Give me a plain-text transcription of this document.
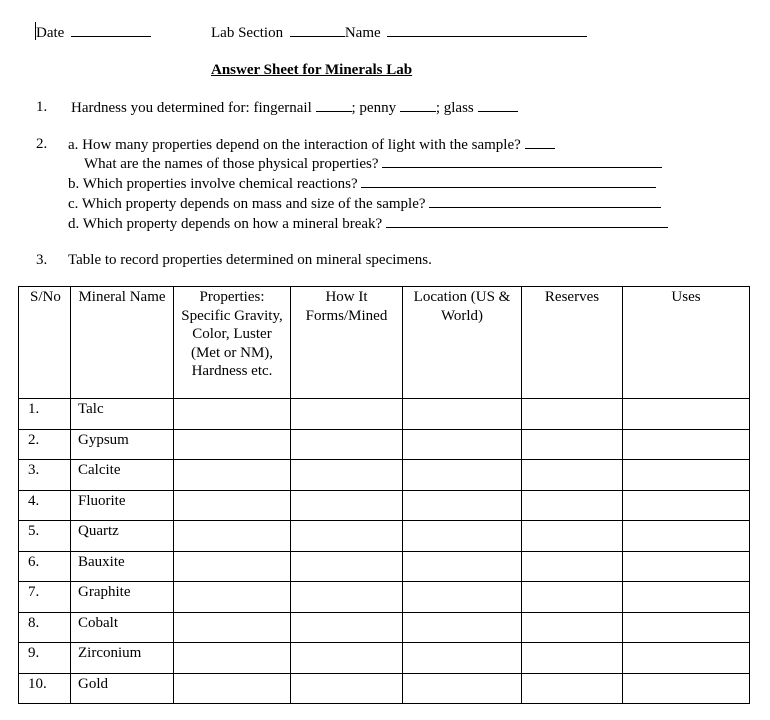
Date	Lab Section	Name
Answer Sheet for Minerals Lab
1. Hardness you determined for: fingernail	; penny	; glass
2. a. How many properties depend on the interaction of light with the sample?
What are the names of those physical properties?
b. Which properties involve chemical reactions?
c. Which property depends on mass and size of the sample?
d. Which property depends on how a mineral break?
3. Table to record properties determined on mineral specimens.
S/No	Mineral Name	Properties: Specific Gravity, Color, Luster (Met or NM), Hardness etc.	How It Forms/Mined	Location (US & World)	Reserves	Uses
1.	Talc					
2.	Gypsum					
3.	Calcite					
4.	Fluorite					
5.	Quartz					
6.	Bauxite					
7.	Graphite					
8.	Cobalt					
9.	Zirconium					
10.	Gold					
